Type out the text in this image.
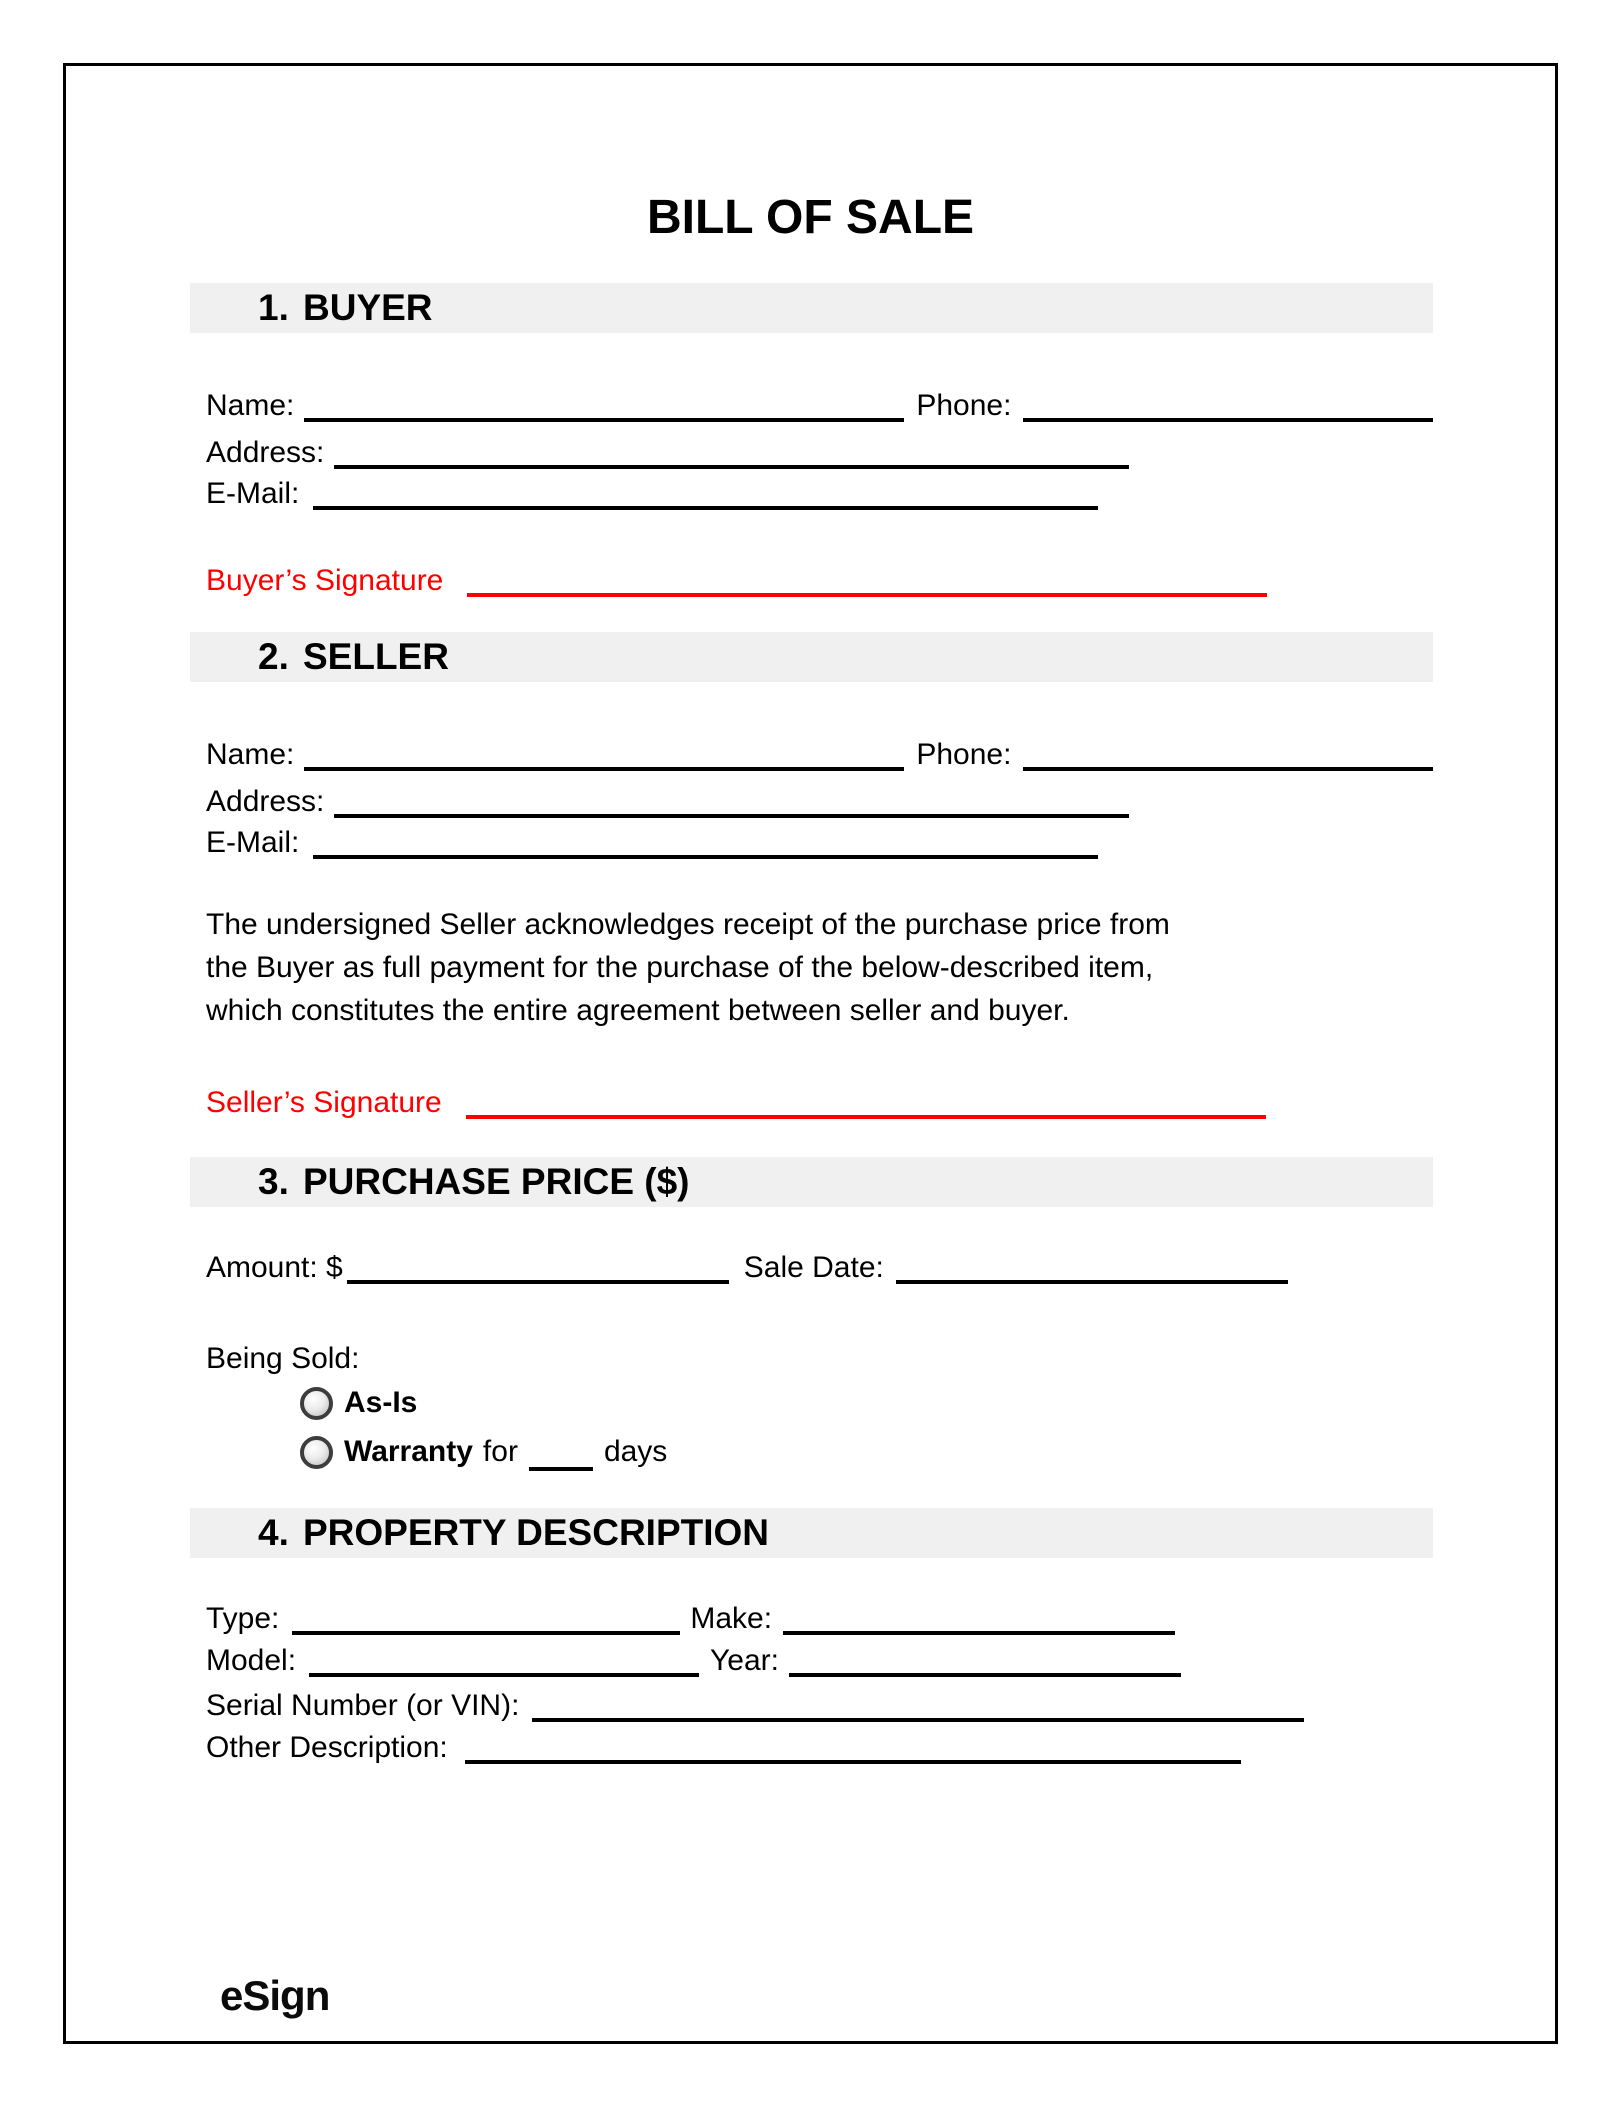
BILL OF SALE
1. BUYER
Name:	Phone:
Address:
E-Mail:
Buyer’s Signature
2. SELLER
Name:	Phone:
Address:
E-Mail:
The undersigned Seller acknowledges receipt of the purchase price from
the Buyer as full payment for the purchase of the below-described item,
which constitutes the entire agreement between seller and buyer.
Seller’s Signature
3. PURCHASE PRICE ($)
Amount: $	Sale Date:
Being Sold:
As-Is
Warranty for	days
4. PROPERTY DESCRIPTION
Type:	Make:
Model:	Year:
Serial Number (or VIN):
Other Description:
eSign
